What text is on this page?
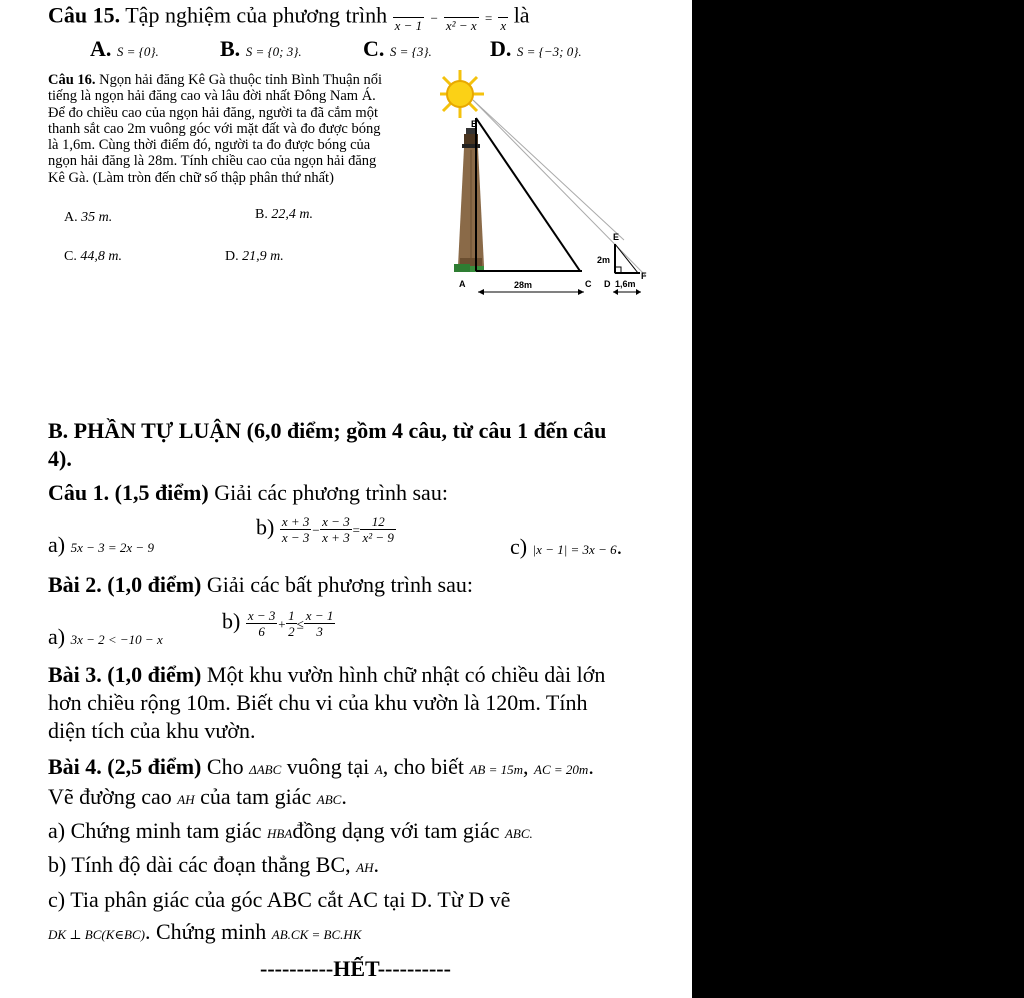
Câu 15. Tập nghiệm của phương trình
x − 1 −
x² − x =
x là
A. S = {0}.	B. S = {0; 3}.	C. S = {3}.	D. S = {−3; 0}.
Câu 16. Ngọn hải đăng Kê Gà thuộc tỉnh Bình Thuận nổi
tiếng là ngọn hải đăng cao và lâu đời nhất Đông Nam Á.
Để đo chiều cao của ngọn hải đăng, người ta đã cắm một
thanh sắt cao 2m vuông góc với mặt đất và đo được bóng
là 1,6m. Cùng thời điểm đó, người ta đo được bóng của
ngọn hải đăng là 28m. Tính chiều cao của ngọn hải đăng
Kê Gà. (Làm tròn đến chữ số thập phân thứ nhất)
A. 35 m.	B. 22,4 m.
C. 44,8 m.	D. 21,9 m.
B
A	C
28m
E
2m
D
F
1,6m
B. PHẦN TỰ LUẬN (6,0 điểm; gồm 4 câu, từ câu 1 đến câu
4).
Câu 1. (1,5 điểm) Giải các phương trình sau:
a) 5x − 3 = 2x − 9
$b) \frac{x + 3}{x - 3} - \frac{x - 3}{x + 3} = \frac{12}{\text{x² − 9}}$
c) |x − 1| = 3x − 6.
Bài 2. (1,0 điểm) Giải các bất phương trình sau:
a) 3x − 2 < −10 − x
$b) \frac{x - 3}{6} + \frac{1}{2} \le \frac{x - 1}{3}$
Bài 3. (1,0 điểm) Một khu vườn hình chữ nhật có chiều dài lớn
hơn chiều rộng 10m. Biết chu vi của khu vườn là 120m. Tính
diện tích của khu vườn.
Bài 4. (2,5 điểm) Cho ΔABC vuông tại A, cho biết AB = 15m, AC = 20m.
Vẽ đường cao AH của tam giác ABC.
a) Chứng minh tam giác HBAđồng dạng với tam giác ABC.
b) Tính độ dài các đoạn thẳng BC, AH.
c) Tia phân giác của góc ABC cắt AC tại D. Từ D vẽ
DK ⊥ BC(K∈BC). Chứng minh AB.CK = BC.HK
----------HẾT----------
